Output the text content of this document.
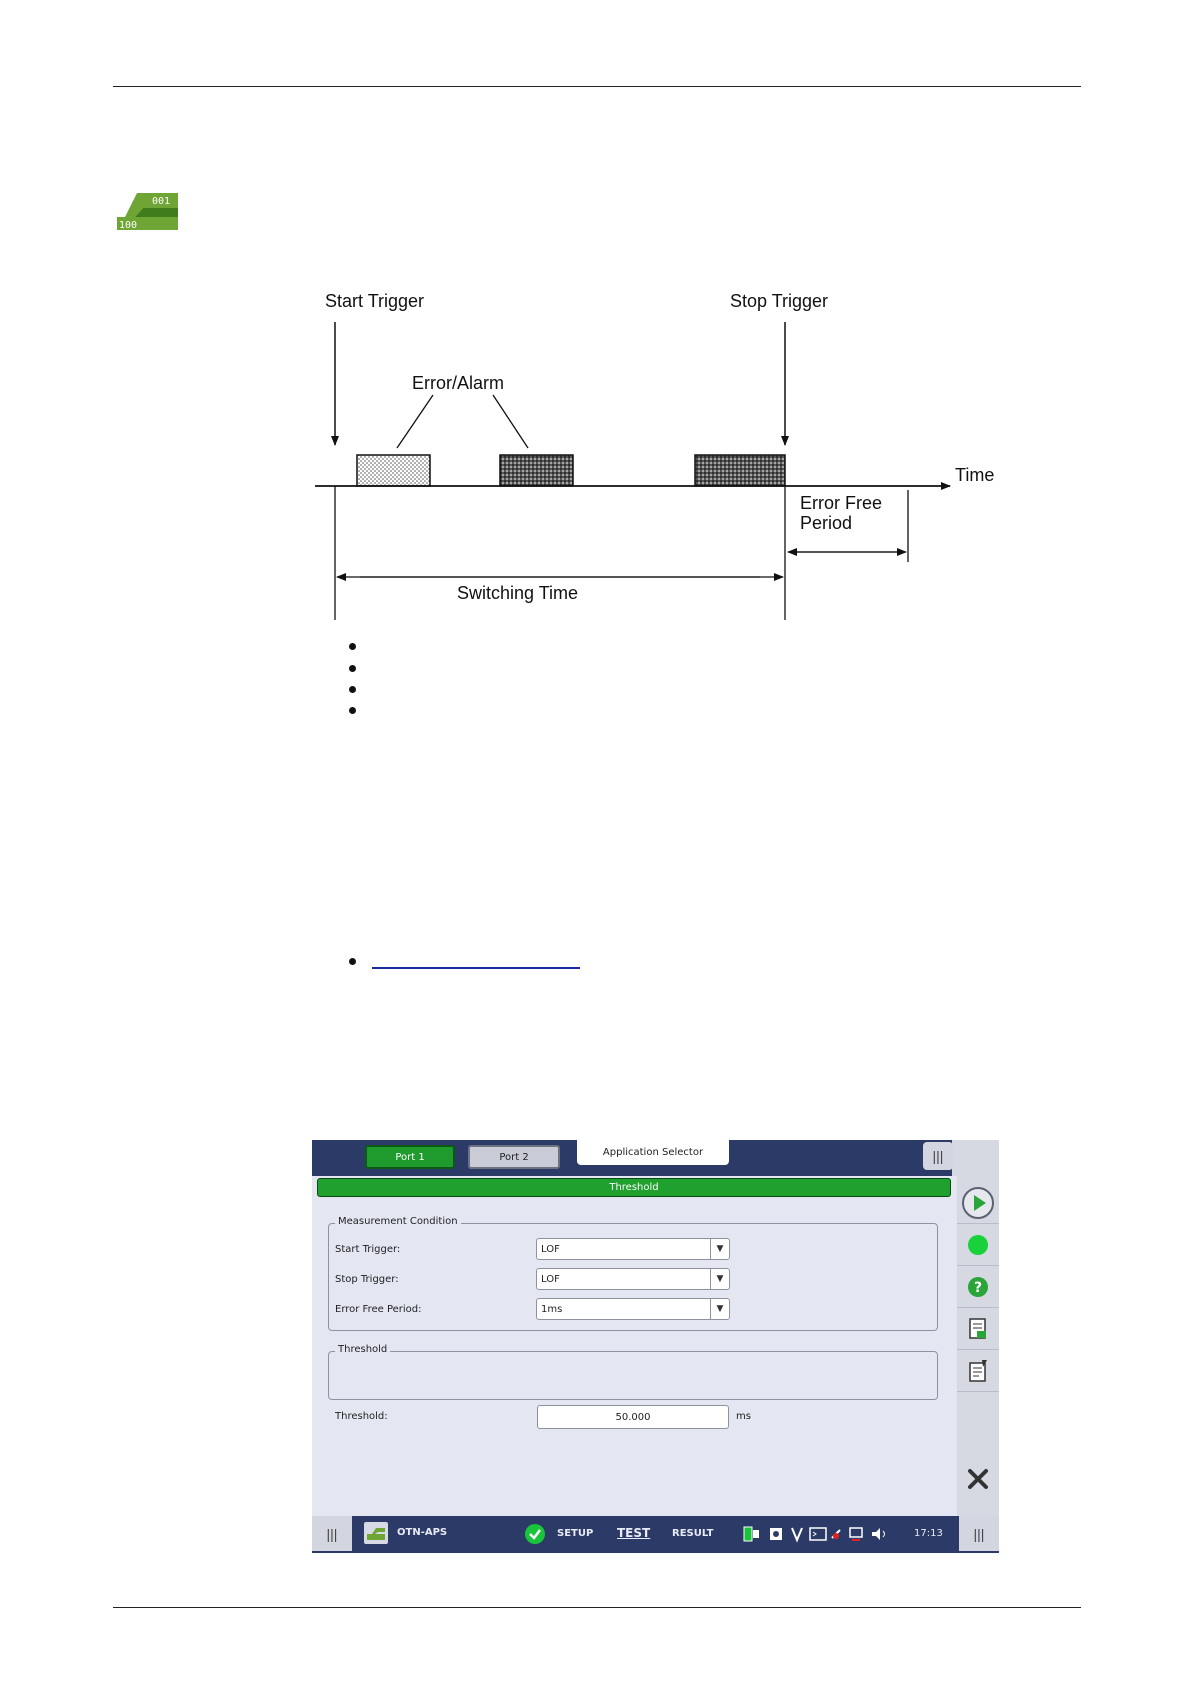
001
100
Start Trigger	Stop Trigger
Error/Alarm
Time
Error Free
Period
Switching Time
Port 1	Port 2	Application Selector	|||
Threshold
Measurement Condition
Start Trigger:	LOF	▼
Stop Trigger:	LOF	▼
Error Free Period:	1ms	▼
Threshold
Threshold:	50.000	ms
?
|||	OTN-APS	SETUP TEST RESULT	17:13	|||
